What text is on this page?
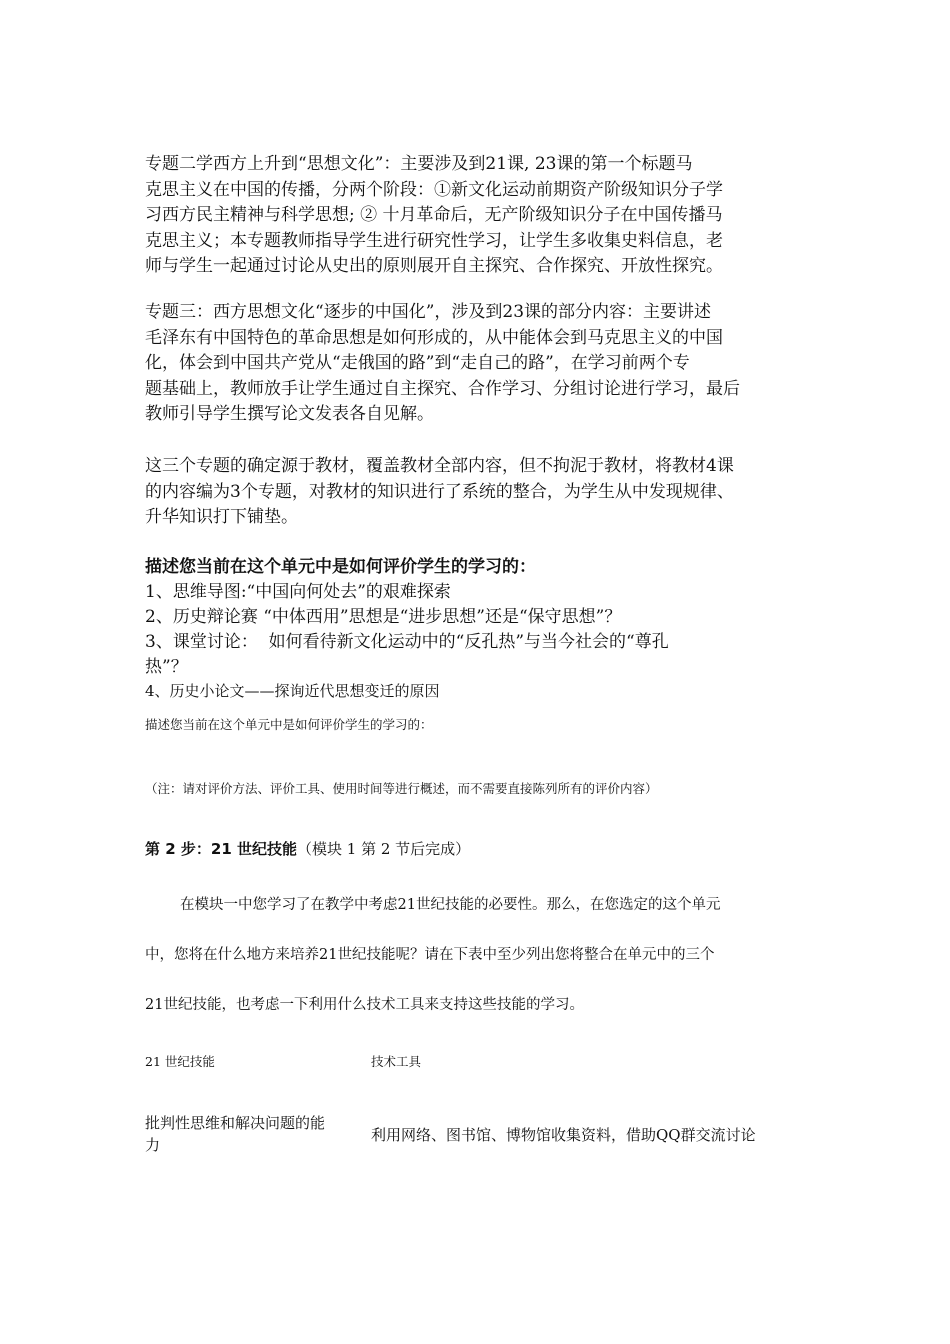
专题二学西方上升到“思想文化”：主要涉及到21课, 23课的第一个标题马

克思主义在中国的传播，分两个阶段：①新文化运动前期资产阶级知识分子学

习西方民主精神与科学思想; ② 十月革命后，无产阶级知识分子在中国传播马

克思主义；本专题教师指导学生进行研究性学习，让学生多收集史料信息，老

师与学生一起通过讨论从史出的原则展开自主探究、合作探究、开放性探究。

专题三：西方思想文化“逐步的中国化”，涉及到23课的部分内容：主要讲述

毛泽东有中国特色的革命思想是如何形成的，从中能体会到马克思主义的中国

化，体会到中国共产党从“走俄国的路”到“走自己的路”，在学习前两个专

题基础上，教师放手让学生通过自主探究、合作学习、分组讨论进行学习，最后

教师引导学生撰写论文发表各自见解。

这三个专题的确定源于教材，覆盖教材全部内容，但不拘泥于教材，将教材4课

的内容编为3个专题，对教材的知识进行了系统的整合，为学生从中发现规律、

升华知识打下铺垫。

描述您当前在这个单元中是如何评价学生的学习的：
1、思维导图:“中国向何处去”的艰难探索
2、历史辩论赛 “中体西用”思想是“进步思想”还是“保守思想”？
3、课堂讨论：  如何看待新文化运动中的“反孔热”与当今社会的“尊孔
热”？
4、历史小论文——探询近代思想变迁的原因
描述您当前在这个单元中是如何评价学生的学习的：
（注：请对评价方法、评价工具、使用时间等进行概述，而不需要直接陈列所有的评价内容）
第 2 步：21 世纪技能（模块 1 第 2 节后完成）
在模块一中您学习了在教学中考虑21世纪技能的必要性。那么，在您选定的这个单元
中，您将在什么地方来培养21世纪技能呢？请在下表中至少列出您将整合在单元中的三个
21世纪技能，也考虑一下利用什么技术工具来支持这些技能的学习。
21 世纪技能	技术工具
批判性思维和解决问题的能
力
利用网络、图书馆、博物馆收集资料，借助QQ群交流讨论
